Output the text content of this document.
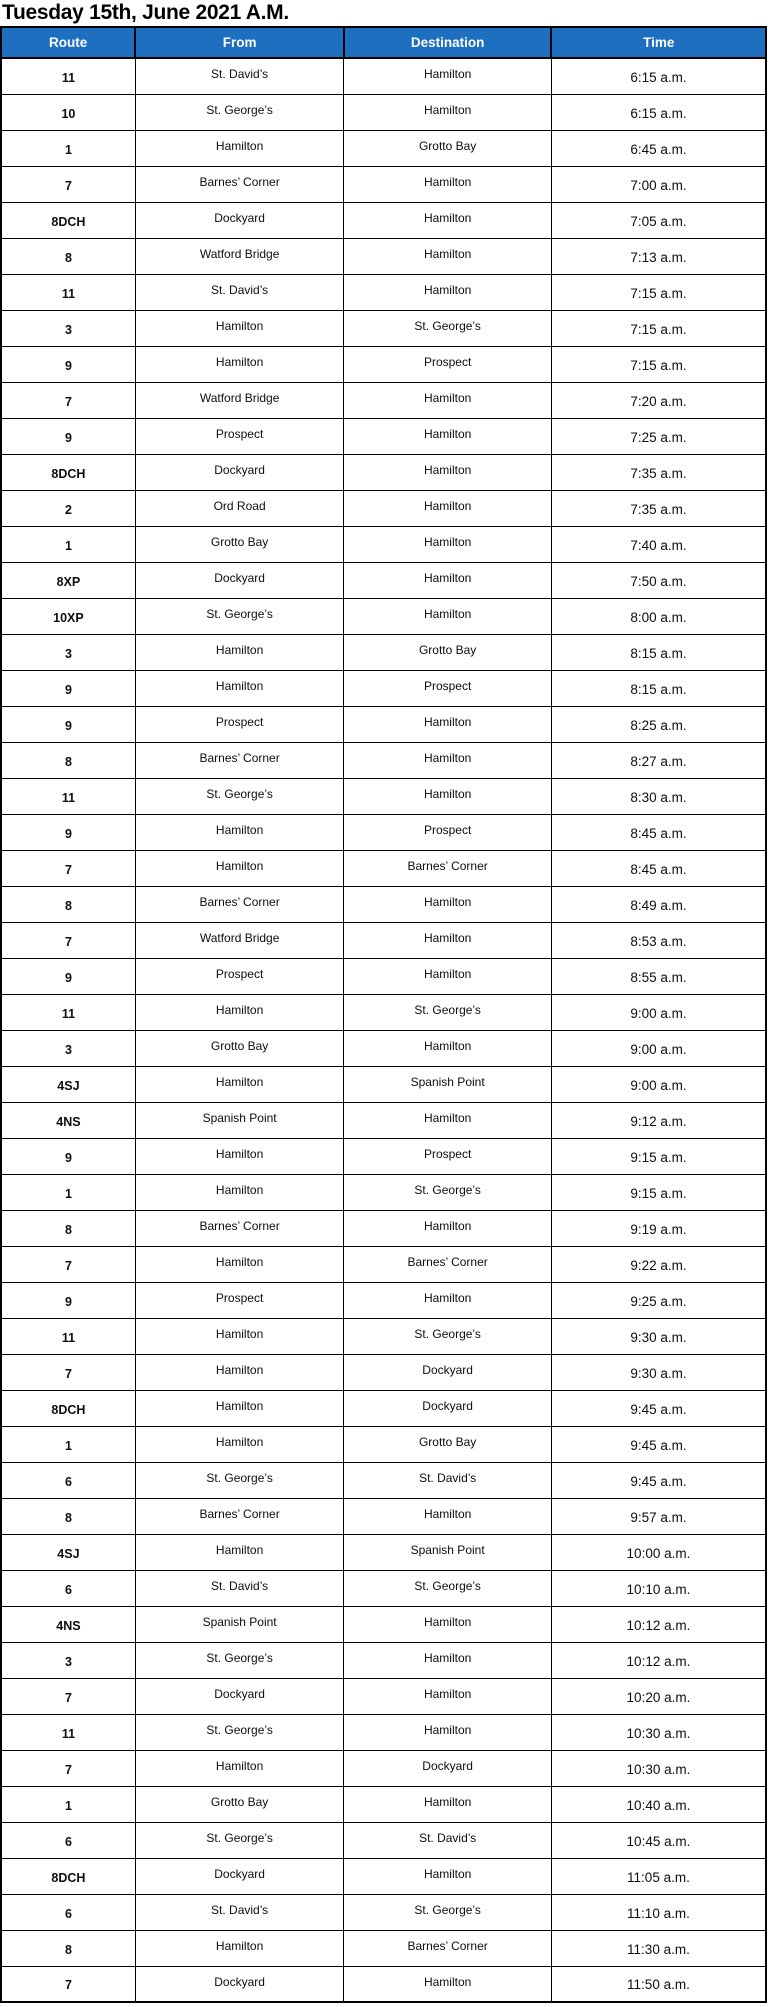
Tuesday 15th, June 2021 A.M.
Route	From	Destination	Time
11	St. David’s	Hamilton	6:15 a.m.
10	St. George’s	Hamilton	6:15 a.m.
1	Hamilton	Grotto Bay	6:45 a.m.
7	Barnes’ Corner	Hamilton	7:00 a.m.
8DCH	Dockyard	Hamilton	7:05 a.m.
8	Watford Bridge	Hamilton	7:13 a.m.
11	St. David’s	Hamilton	7:15 a.m.
3	Hamilton	St. George’s	7:15 a.m.
9	Hamilton	Prospect	7:15 a.m.
7	Watford Bridge	Hamilton	7:20 a.m.
9	Prospect	Hamilton	7:25 a.m.
8DCH	Dockyard	Hamilton	7:35 a.m.
2	Ord Road	Hamilton	7:35 a.m.
1	Grotto Bay	Hamilton	7:40 a.m.
8XP	Dockyard	Hamilton	7:50 a.m.
10XP	St. George’s	Hamilton	8:00 a.m.
3	Hamilton	Grotto Bay	8:15 a.m.
9	Hamilton	Prospect	8:15 a.m.
9	Prospect	Hamilton	8:25 a.m.
8	Barnes’ Corner	Hamilton	8:27 a.m.
11	St. George’s	Hamilton	8:30 a.m.
9	Hamilton	Prospect	8:45 a.m.
7	Hamilton	Barnes’ Corner	8:45 a.m.
8	Barnes’ Corner	Hamilton	8:49 a.m.
7	Watford Bridge	Hamilton	8:53 a.m.
9	Prospect	Hamilton	8:55 a.m.
11	Hamilton	St. George’s	9:00 a.m.
3	Grotto Bay	Hamilton	9:00 a.m.
4SJ	Hamilton	Spanish Point	9:00 a.m.
4NS	Spanish Point	Hamilton	9:12 a.m.
9	Hamilton	Prospect	9:15 a.m.
1	Hamilton	St. George’s	9:15 a.m.
8	Barnes’ Corner	Hamilton	9:19 a.m.
7	Hamilton	Barnes’ Corner	9:22 a.m.
9	Prospect	Hamilton	9:25 a.m.
11	Hamilton	St. George’s	9:30 a.m.
7	Hamilton	Dockyard	9:30 a.m.
8DCH	Hamilton	Dockyard	9:45 a.m.
1	Hamilton	Grotto Bay	9:45 a.m.
6	St. George’s	St. David’s	9:45 a.m.
8	Barnes’ Corner	Hamilton	9:57 a.m.
4SJ	Hamilton	Spanish Point	10:00 a.m.
6	St. David’s	St. George’s	10:10 a.m.
4NS	Spanish Point	Hamilton	10:12 a.m.
3	St. George’s	Hamilton	10:12 a.m.
7	Dockyard	Hamilton	10:20 a.m.
11	St. George’s	Hamilton	10:30 a.m.
7	Hamilton	Dockyard	10:30 a.m.
1	Grotto Bay	Hamilton	10:40 a.m.
6	St. George’s	St. David’s	10:45 a.m.
8DCH	Dockyard	Hamilton	11:05 a.m.
6	St. David’s	St. George’s	11:10 a.m.
8	Hamilton	Barnes’ Corner	11:30 a.m.
7	Dockyard	Hamilton	11:50 a.m.
